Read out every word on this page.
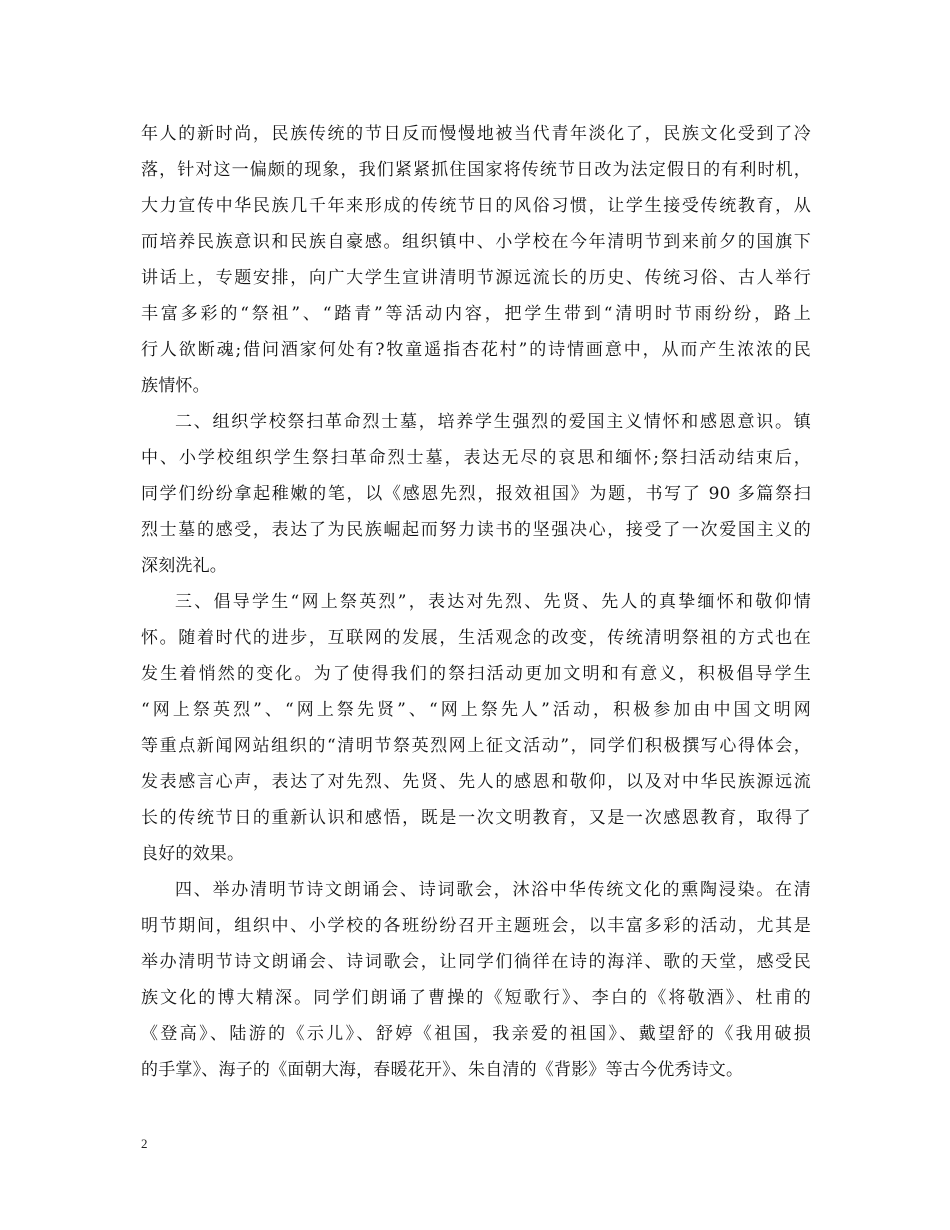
年人的新时尚，民族传统的节日反而慢慢地被当代青年淡化了，民族文化受到了冷
落，针对这一偏颇的现象，我们紧紧抓住国家将传统节日改为法定假日的有利时机，
大力宣传中华民族几千年来形成的传统节日的风俗习惯，让学生接受传统教育，从
而培养民族意识和民族自豪感。组织镇中、小学校在今年清明节到来前夕的国旗下
讲话上，专题安排，向广大学生宣讲清明节源远流长的历史、传统习俗、古人举行
丰富多彩的“祭祖”、“踏青”等活动内容，把学生带到“清明时节雨纷纷，路上
行人欲断魂;借问酒家何处有?牧童遥指杏花村”的诗情画意中，从而产生浓浓的民
族情怀。
二、组织学校祭扫革命烈士墓，培养学生强烈的爱国主义情怀和感恩意识。镇
中、小学校组织学生祭扫革命烈士墓，表达无尽的哀思和缅怀;祭扫活动结束后，
同学们纷纷拿起稚嫩的笔，以《感恩先烈，报效祖国》为题，书写了 90 多篇祭扫
烈士墓的感受，表达了为民族崛起而努力读书的坚强决心，接受了一次爱国主义的
深刻洗礼。
三、倡导学生“网上祭英烈”，表达对先烈、先贤、先人的真挚缅怀和敬仰情
怀。随着时代的进步，互联网的发展，生活观念的改变，传统清明祭祖的方式也在
发生着悄然的变化。为了使得我们的祭扫活动更加文明和有意义，积极倡导学生
“网上祭英烈”、“网上祭先贤”、“网上祭先人”活动，积极参加由中国文明网
等重点新闻网站组织的“清明节祭英烈网上征文活动”，同学们积极撰写心得体会，
发表感言心声，表达了对先烈、先贤、先人的感恩和敬仰，以及对中华民族源远流
长的传统节日的重新认识和感悟，既是一次文明教育，又是一次感恩教育，取得了
良好的效果。
四、举办清明节诗文朗诵会、诗词歌会，沐浴中华传统文化的熏陶浸染。在清
明节期间，组织中、小学校的各班纷纷召开主题班会，以丰富多彩的活动，尤其是
举办清明节诗文朗诵会、诗词歌会，让同学们徜徉在诗的海洋、歌的天堂，感受民
族文化的博大精深。同学们朗诵了曹操的《短歌行》、李白的《将敬酒》、杜甫的
《登高》、陆游的《示儿》、舒婷《祖国，我亲爱的祖国》、戴望舒的《我用破损
的手掌》、海子的《面朝大海，春暖花开》、朱自清的《背影》等古今优秀诗文。
2
